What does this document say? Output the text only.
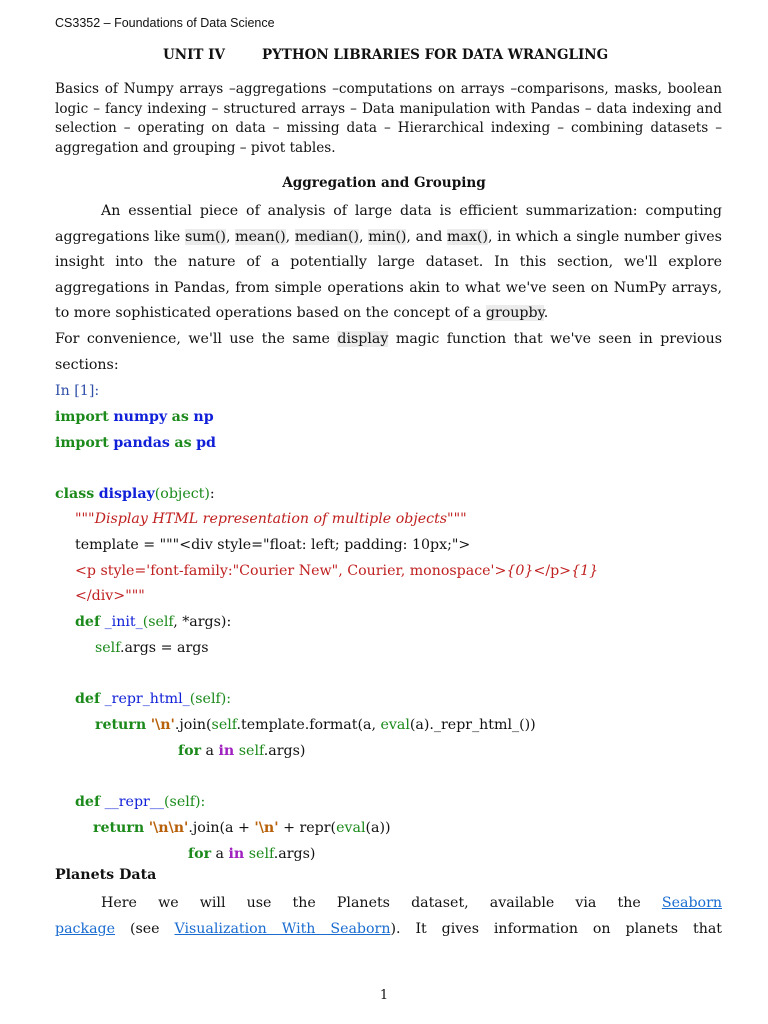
CS3352 – Foundations of Data Science
UNIT IV	PYTHON LIBRARIES FOR DATA WRANGLING
Basics of Numpy arrays –aggregations –computations on arrays –comparisons, masks, boolean logic – fancy indexing – structured arrays – Data manipulation with Pandas – data indexing and selection – operating on data – missing data – Hierarchical indexing – combining datasets – aggregation and grouping – pivot tables.
Aggregation and Grouping

An essential piece of analysis of large data is efficient summarization: computing aggregations like sum(), mean(), median(), min(), and max(), in which a single number gives insight into the nature of a potentially large dataset. In this section, we'll explore aggregations in Pandas, from simple operations akin to what we've seen on NumPy arrays, to more sophisticated operations based on the concept of a groupby.

For convenience, we'll use the same display magic function that we've seen in previous sections:

In [1]:
import numpy as np
import pandas as pd
class display(object):
"""Display HTML representation of multiple objects"""
template = """<div style="float: left; padding: 10px;">
<p style='font-family:"Courier New", Courier, monospace'>{0}</p>{1}
</div>"""
def _init_(self, *args):
self.args = args
def _repr_html_(self):
return '\n'.join(self.template.format(a, eval(a)._repr_html_())
for a in self.args)
def __repr__(self):
return '\n\n'.join(a + '\n' + repr(eval(a))
for a in self.args)
Planets Data
Here we will use the Planets dataset, available via the Seaborn
package (see Visualization With Seaborn). It gives information on planets that
1
